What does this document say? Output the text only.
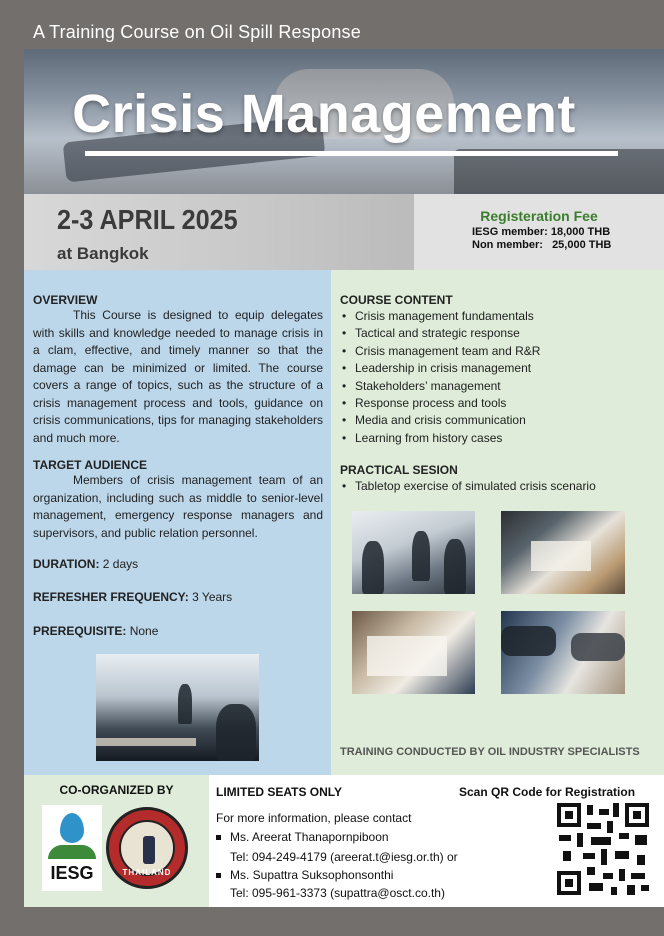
A Training Course on Oil Spill Response
Crisis Management
2-3 APRIL 2025
at Bangkok
Registeration Fee
IESG member: 18,000 THB
Non member:   25,000 THB
OVERVIEW

This Course is designed to equip delegates with skills and knowledge needed to manage crisis in a clam, effective, and timely manner so that the damage can be minimized or limited. The course covers a range of topics, such as the structure of a crisis management process and tools, guidance on crisis communications, tips for managing stakeholders and much more.

TARGET AUDIENCE

Members of crisis management team of an organization, including such as middle to senior-level management, emergency response managers and supervisors, and public relation personnel.

DURATION: 2 days
REFRESHER FREQUENCY: 3 Years
PREREQUISITE: None
COURSE CONTENT
• Crisis management fundamentals
• Tactical and strategic response
• Crisis management team and R&R
• Leadership in crisis management
• Stakeholders’ management
• Response process and tools
• Media and crisis communication
• Learning from history cases
PRACTICAL SESION
• Tabletop exercise of simulated crisis scenario
TRAINING CONDUCTED BY OIL INDUSTRY SPECIALISTS
CO-ORGANIZED BY
IESG	THAILAND
LIMITED SEATS ONLY	Scan QR Code for Registration
For more information, please contact
Ms. Areerat Thanapornpiboon
Tel: 094-249-4179 (areerat.t@iesg.or.th) or
Ms. Supattra Suksophonsonthi
Tel: 095-961-3373 (supattra@osct.co.th)
